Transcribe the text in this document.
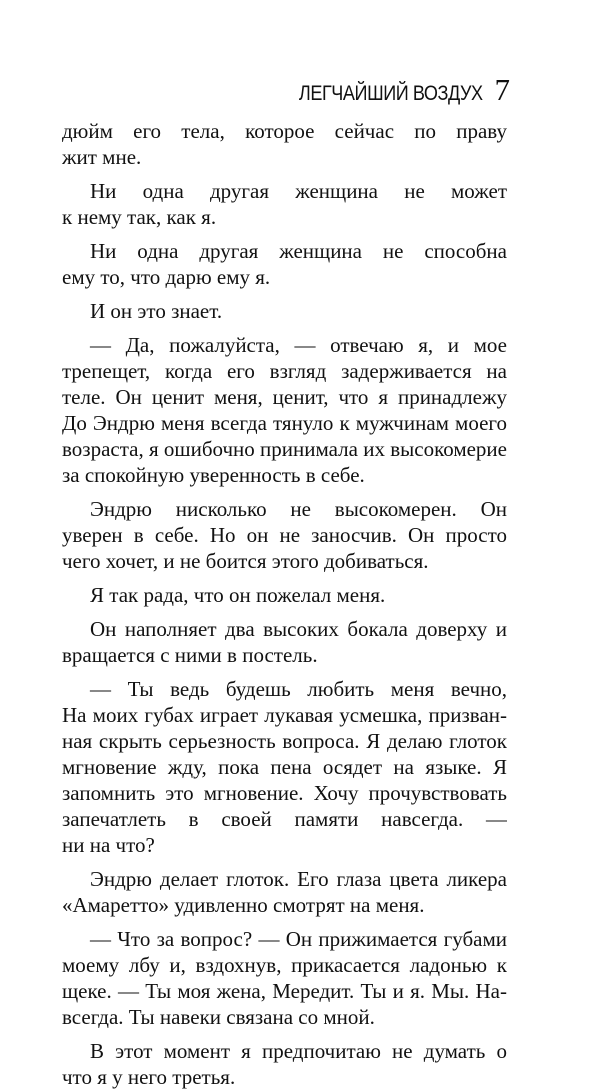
ЛЕГЧАЙШИЙ ВОЗДУХ 7
дюйм его тела, которое сейчас по праву
жит мне.
Ни одна другая женщина не может
к нему так, как я.
Ни одна другая женщина не способна
ему то, что дарю ему я.
И он это знает.
— Да, пожалуйста, — отвечаю я, и мое
трепещет, когда его взгляд задерживается на
теле. Он ценит меня, ценит, что я принадлежу
До Эндрю меня всегда тянуло к мужчинам моего
возраста, я ошибочно принимала их высокомерие
за спокойную уверенность в себе.
Эндрю нисколько не высокомерен. Он
уверен в себе. Но он не заносчив. Он просто
чего хочет, и не боится этого добиваться.
Я так рада, что он пожелал меня.
Он наполняет два высоких бокала доверху и
вращается с ними в постель.
— Ты ведь будешь любить меня вечно,
На моих губах играет лукавая усмешка, призван-
ная скрыть серьезность вопроса. Я делаю глоток
мгновение жду, пока пена осядет на языке. Я
запомнить это мгновение. Хочу прочувствовать
запечатлеть в своей памяти навсегда. —
ни на что?
Эндрю делает глоток. Его глаза цвета ликера
«Амаретто» удивленно смотрят на меня.
— Что за вопрос? — Он прижимается губами
моему лбу и, вздохнув, прикасается ладонью к
щеке. — Ты моя жена, Мередит. Ты и я. Мы. На-
всегда. Ты навеки связана со мной.
В этот момент я предпочитаю не думать о
что я у него третья.
